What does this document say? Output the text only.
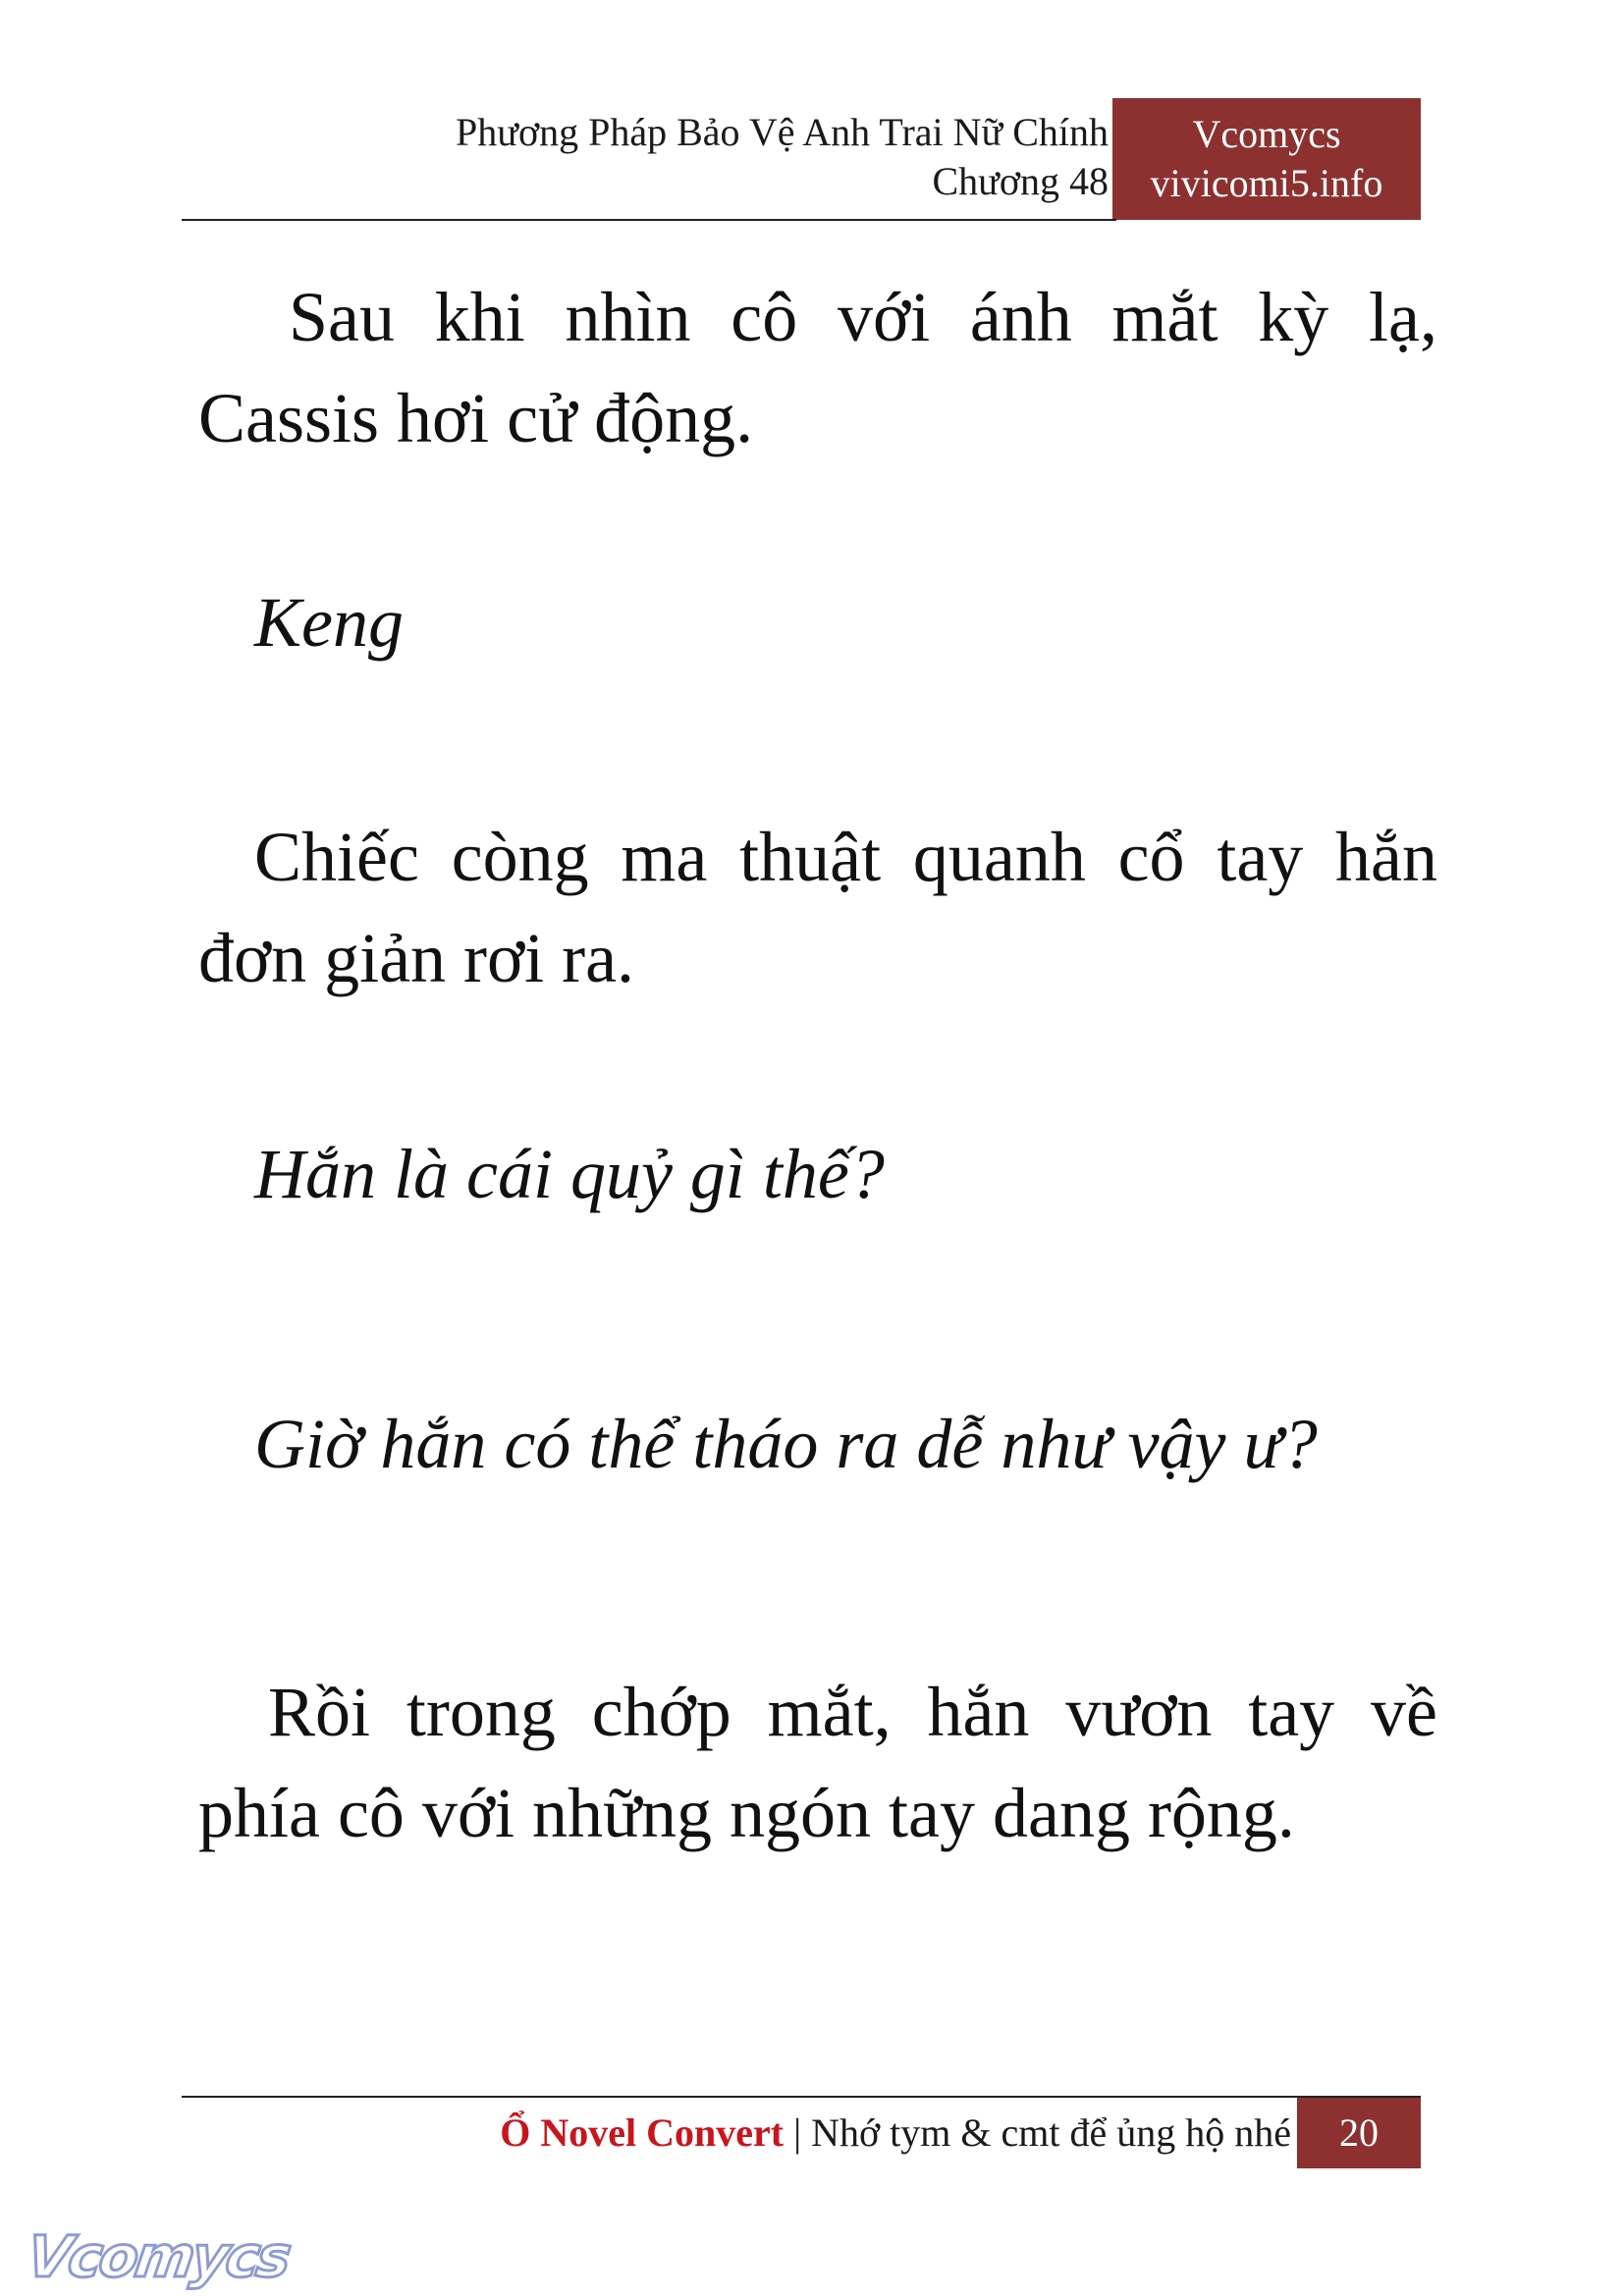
Phương Pháp Bảo Vệ Anh Trai Nữ Chính
Chương 48
Vcomycs
vivicomi5.info

Sau khi nhìn cô với ánh mắt kỳ lạ, Cassis hơi cử động.

Keng

Chiếc còng ma thuật quanh cổ tay hắn đơn giản rơi ra.

Hắn là cái quỷ gì thế?

Giờ hắn có thể tháo ra dễ như vậy ư?

Rồi trong chớp mắt, hắn vươn tay về phía cô với những ngón tay dang rộng.

Ổ Novel Convert | Nhớ tym & cmt để ủng hộ nhé	20
Vcomycs
